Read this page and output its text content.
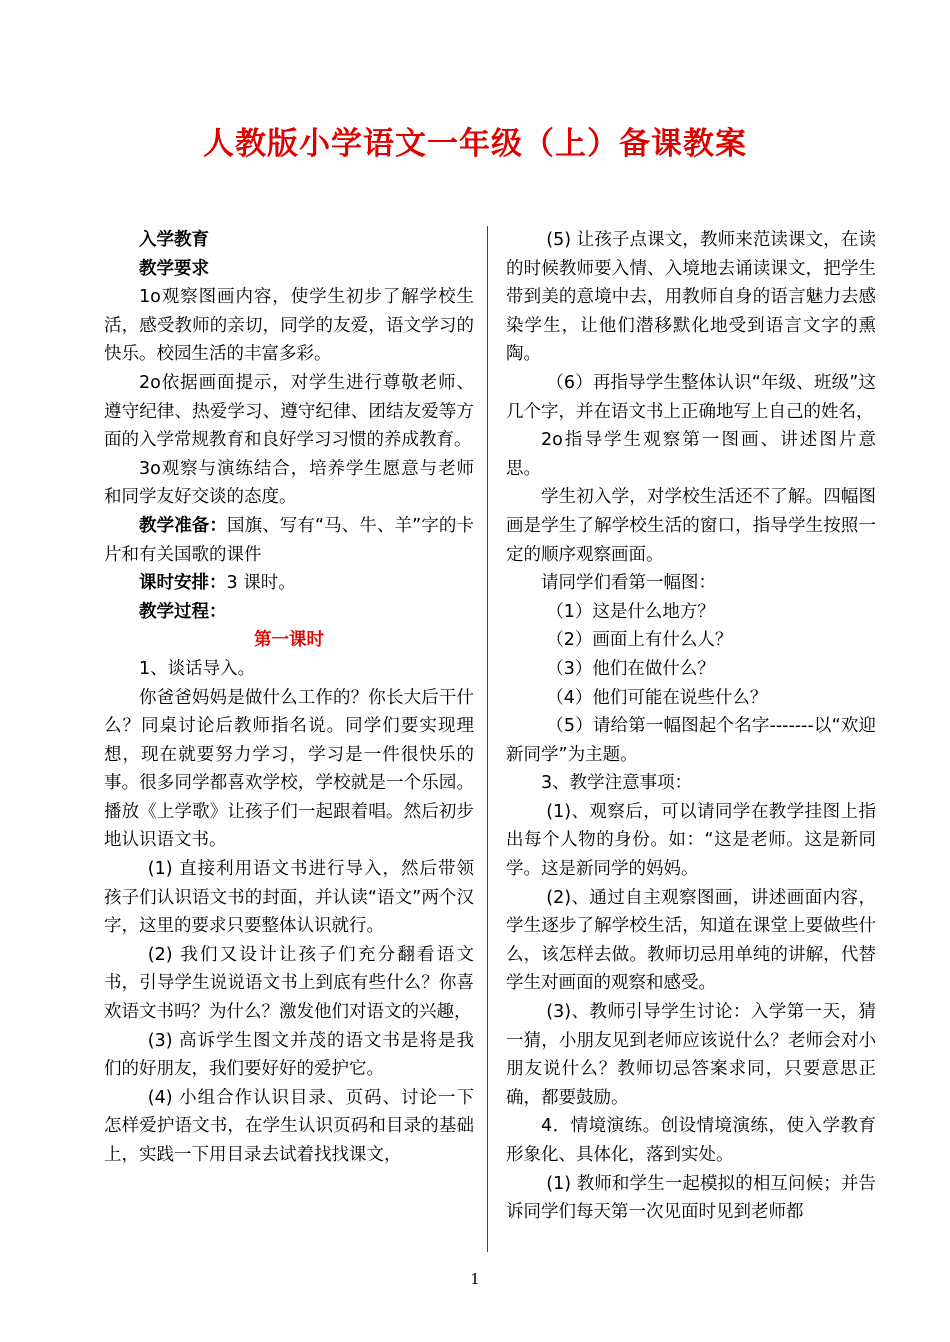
人教版小学语文一年级（上）备课教案

入学教育

教学要求

1o观察图画内容，使学生初步了解学校生活，感受教师的亲切，同学的友爱，语文学习的快乐。校园生活的丰富多彩。

2o依据画面提示，对学生进行尊敬老师、遵守纪律、热爱学习、遵守纪律、团结友爱等方面的入学常规教育和良好学习习惯的养成教育。

3o观察与演练结合，培养学生愿意与老师和同学友好交谈的态度。

教学准备：国旗、写有“马、牛、羊”字的卡片和有关国歌的课件

课时安排：3 课时。

教学过程：

第一课时

1、谈话导入。

你爸爸妈妈是做什么工作的？你长大后干什么？同桌讨论后教师指名说。同学们要实现理想，现在就要努力学习，学习是一件很快乐的事。很多同学都喜欢学校，学校就是一个乐园。播放《上学歌》让孩子们一起跟着唱。然后初步地认识语文书。

(1) 直接利用语文书进行导入，然后带领孩子们认识语文书的封面，并认读“语文”两个汉字，这里的要求只要整体认识就行。

(2) 我们又设计让孩子们充分翻看语文书，引导学生说说语文书上到底有些什么？你喜欢语文书吗？为什么？激发他们对语文的兴趣，

(3) 高诉学生图文并茂的语文书是将是我们的好朋友，我们要好好的爱护它。

(4) 小组合作认识目录、页码、讨论一下怎样爱护语文书，在学生认识页码和目录的基础上，实践一下用目录去试着找找课文，

(5) 让孩子点课文，教师来范读课文，在读的时候教师要入情、入境地去诵读课文，把学生带到美的意境中去，用教师自身的语言魅力去感染学生，让他们潜移默化地受到语言文字的熏陶。

（6）再指导学生整体认识“年级、班级”这几个字，并在语文书上正确地写上自己的姓名，

2o指导学生观察第一图画、讲述图片意思。

学生初入学，对学校生活还不了解。四幅图画是学生了解学校生活的窗口，指导学生按照一定的顺序观察画面。

请同学们看第一幅图：

（1）这是什么地方？

（2）画面上有什么人？

（3）他们在做什么？

（4）他们可能在说些什么？

（5）请给第一幅图起个名字-------以“欢迎新同学”为主题。

3、教学注意事项：

(1)、观察后，可以请同学在教学挂图上指出每个人物的身份。如：“这是老师。这是新同学。这是新同学的妈妈。

(2)、通过自主观察图画，讲述画面内容，学生逐步了解学校生活，知道在课堂上要做些什么，该怎样去做。教师切忌用单纯的讲解，代替学生对画面的观察和感受。

(3)、教师引导学生讨论：入学第一天，猜一猜，小朋友见到老师应该说什么？老师会对小朋友说什么？教师切忌答案求同，只要意思正确，都要鼓励。

4．情境演练。创设情境演练，使入学教育形象化、具体化，落到实处。

(1) 教师和学生一起模拟的相互问候；并告诉同学们每天第一次见面时见到老师都

1
